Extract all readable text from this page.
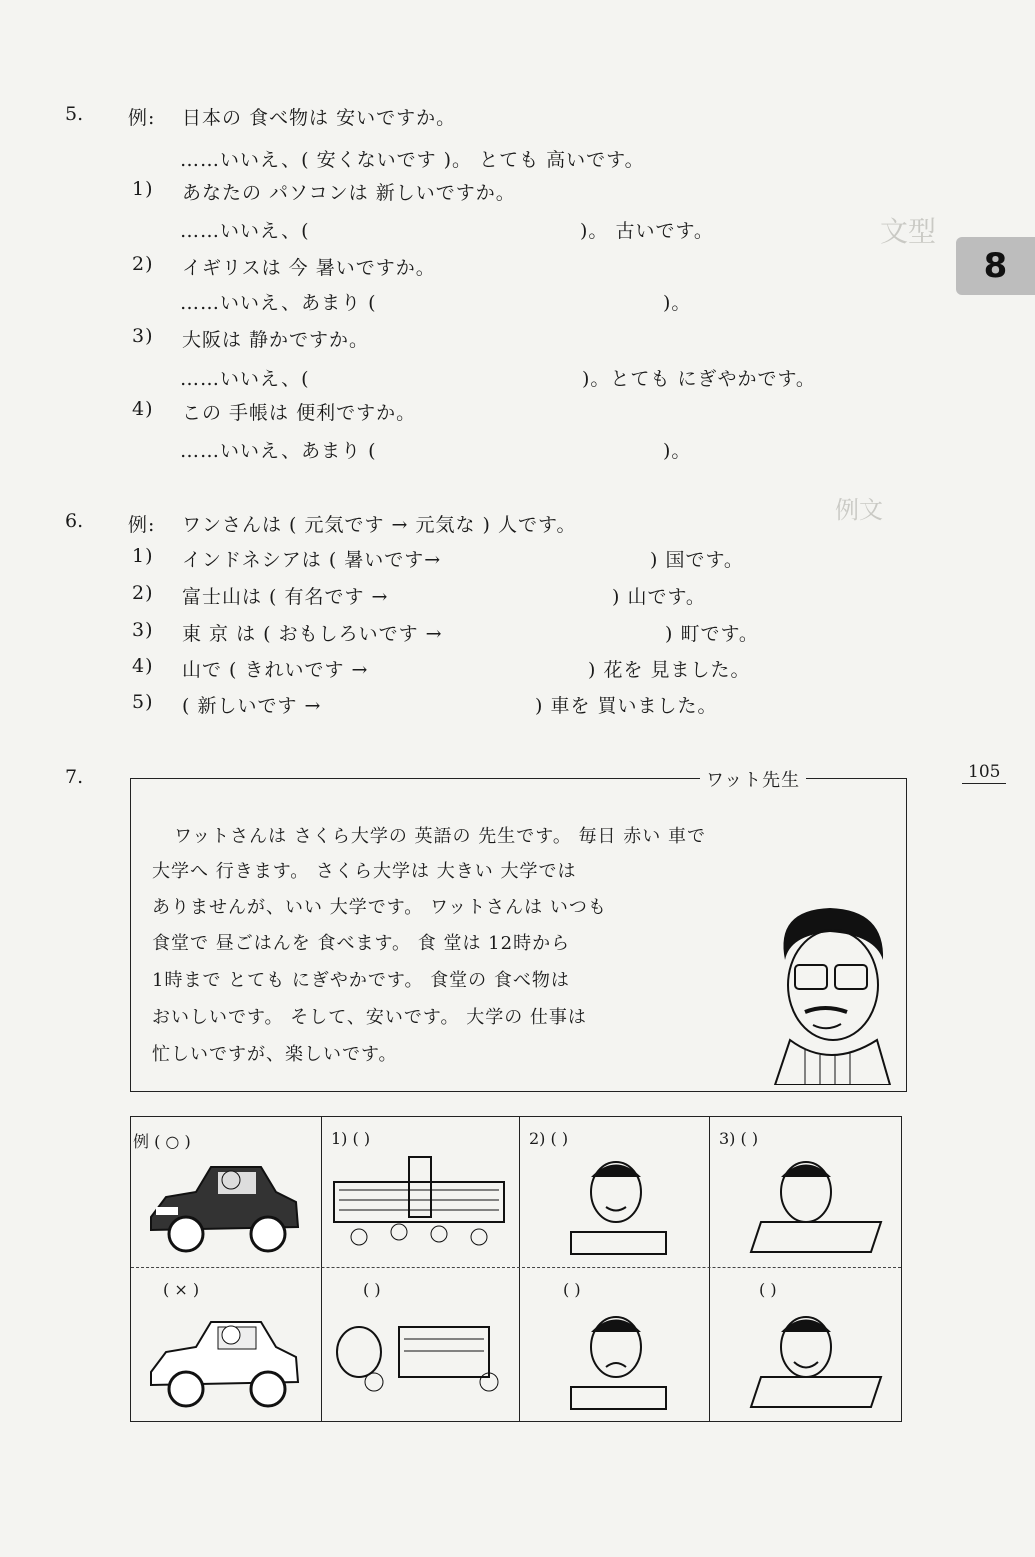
文型
例文
8
105
5. 例: 日本の 食べ物は 安いですか。
……いいえ、( 安くないです )。 とても 高いです。
1) あなたの パソコンは 新しいですか。
……いいえ、(	)。 古いです。
2) イギリスは 今 暑いですか。
……いいえ、あまり (	)。
3) 大阪は 静かですか。
……いいえ、(	)。とても にぎやかです。
4) この 手帳は 便利ですか。
……いいえ、あまり (	)。
6. 例: ワンさんは ( 元気です → 元気な ) 人です。
1) インドネシアは ( 暑いです→	) 国です。
2) 富士山は ( 有名です →	) 山です。
3) 東 京 は ( おもしろいです →	) 町です。
4) 山で ( きれいです →	) 花を 見ました。
5) ( 新しいです →	) 車を 買いました。
7.	ワット先生
ワットさんは さくら大学の 英語の 先生です。 毎日 赤い 車で
大学へ 行きます。 さくら大学は 大きい 大学では
ありませんが、いい 大学です。 ワットさんは いつも
食堂で 昼ごはんを 食べます。 食 堂は 12時から
1時まで とても にぎやかです。 食堂の 食べ物は
おいしいです。 そして、安いです。 大学の 仕事は
忙しいですが、楽しいです。
例 ( ○ )	1) ( )	2) ( )	3) ( )
( × )	( )	( )	( )
